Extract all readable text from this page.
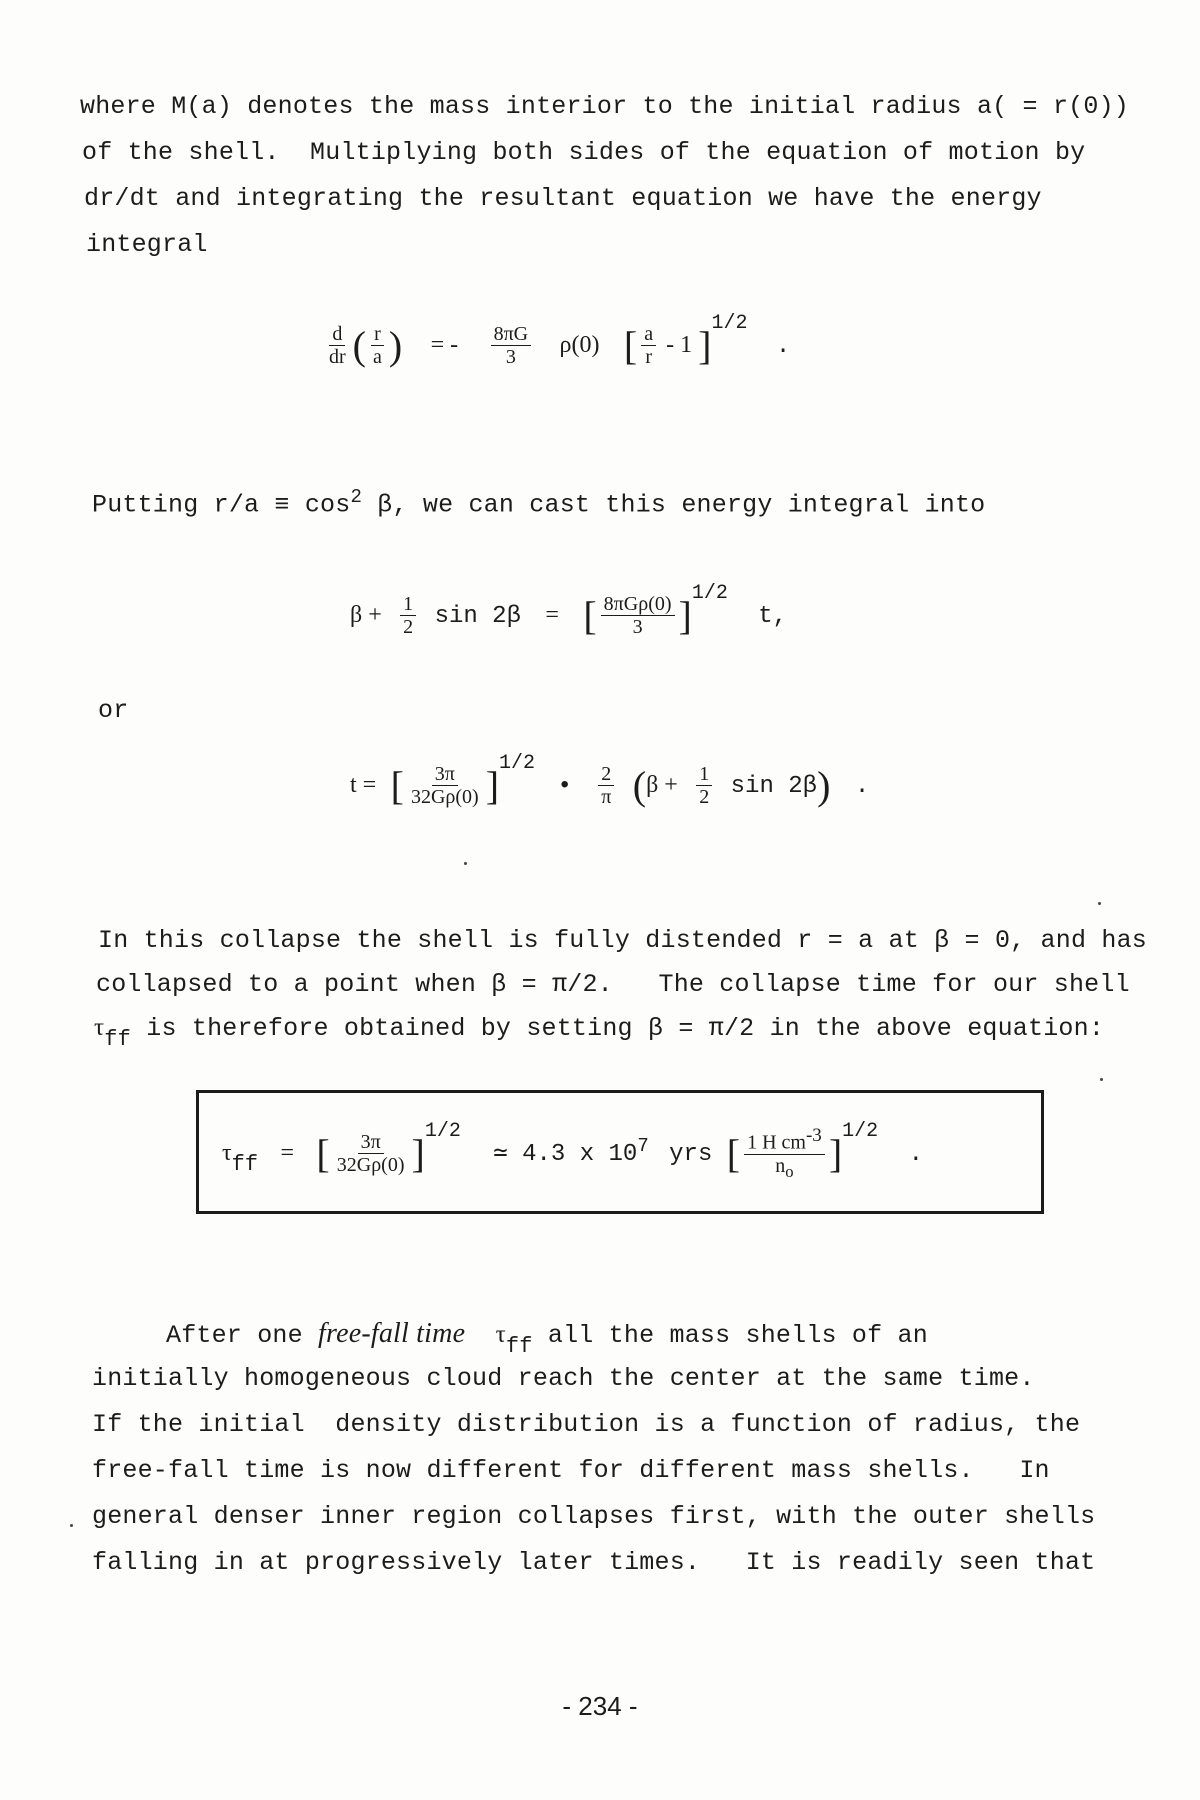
where M(a) denotes the mass interior to the initial radius a( = r(0))
of the shell.  Multiplying both sides of the equation of motion by
dr/dt and integrating the resultant equation we have the energy
integral
$\frac{d}{dr}$ ( $\frac{r}{a}$ ) = - $\frac{8\pi G}{3} \rho(0)$ [ $\frac{a}{r} - 1$ ]$^{1/2}$ .
Putting $r/a \equiv \cos^2 \beta$, we can cast this energy integral into
$\beta + \frac{1}{2}$ sin 2β = [ $\frac{\text{8πGρ(0)}}{3} ]^{1/2}$ t,
or
t = [ $\frac{3\pi}{32G\rho(0)} ]^{1/2}$ • $\frac{2}{\pi} (\beta + \frac{1}{2}$ sin 2β) .
In this collapse the shell is fully distended r = a at β = 0, and has
collapsed to a point when β = π/2.   The collapse time for our shell
$\tau_{ff}$ is therefore obtained by setting β = π/2 in the above equation:
$\tau_{ff}$ = [ $\frac{3\pi}{32G\rho(0)} ]^{1/2}$ ≃ 4.3 x $10^7$ yrs [ $\frac{1 H cm^{-3}}{n_o} ]^{1/2}$ .
After one free-fall time $\tau_{ff}$ all the mass shells of an
initially homogeneous cloud reach the center at the same time.
If the initial  density distribution is a function of radius, the
free-fall time is now different for different mass shells.   In
general denser inner region collapses first, with the outer shells
falling in at progressively later times.   It is readily seen that
- 234 -
